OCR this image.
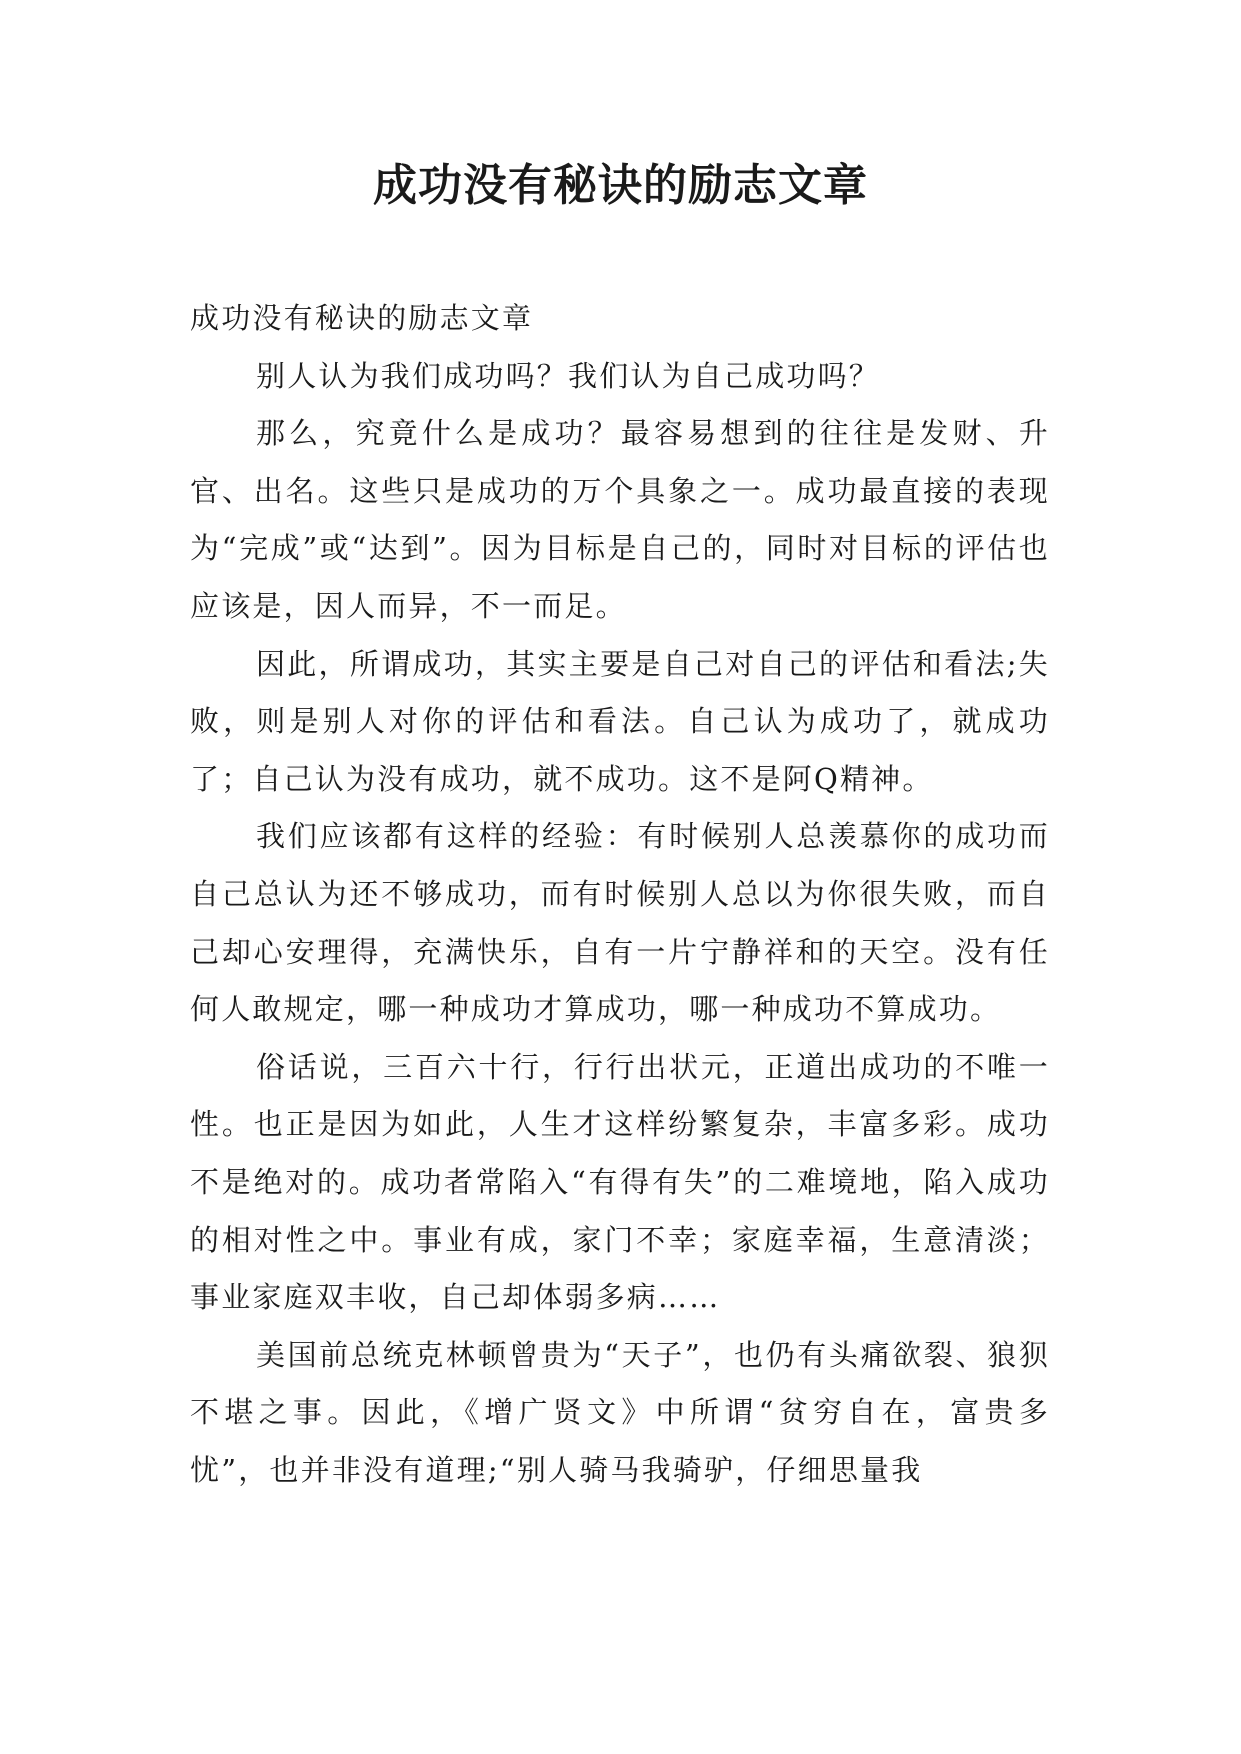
成功没有秘诀的励志文章

成功没有秘诀的励志文章

别人认为我们成功吗？我们认为自己成功吗？

那么，究竟什么是成功？最容易想到的往往是发财、升官、出名。这些只是成功的万个具象之一。成功最直接的表现为“完成”或“达到”。因为目标是自己的，同时对目标的评估也应该是，因人而异，不一而足。

因此，所谓成功，其实主要是自己对自己的评估和看法;失败，则是别人对你的评估和看法。自己认为成功了，就成功了；自己认为没有成功，就不成功。这不是阿Q精神。

我们应该都有这样的经验：有时候别人总羡慕你的成功而自己总认为还不够成功，而有时候别人总以为你很失败，而自己却心安理得，充满快乐，自有一片宁静祥和的天空。没有任何人敢规定，哪一种成功才算成功，哪一种成功不算成功。

俗话说，三百六十行，行行出状元，正道出成功的不唯一性。也正是因为如此，人生才这样纷繁复杂，丰富多彩。成功不是绝对的。成功者常陷入“有得有失”的二难境地，陷入成功的相对性之中。事业有成，家门不幸；家庭幸福，生意清淡；事业家庭双丰收，自己却体弱多病……

美国前总统克林顿曾贵为“天子”，也仍有头痛欲裂、狼狈不堪之事。因此，《增广贤文》中所谓“贫穷自在，富贵多忧”，也并非没有道理;“别人骑马我骑驴，仔细思量我
